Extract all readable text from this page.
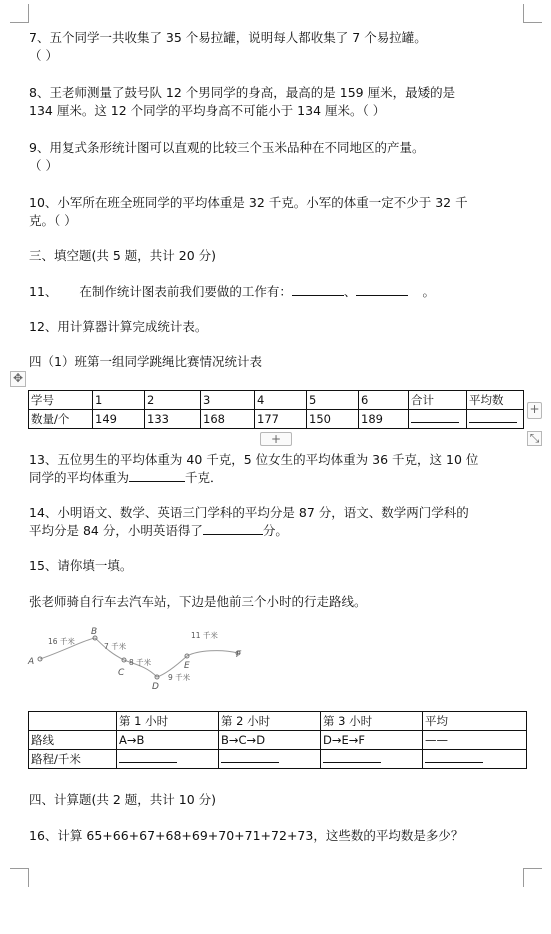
7、五个同学一共收集了 35 个易拉罐，说明每人都收集了 7 个易拉罐。
（ ）
8、王老师测量了鼓号队 12 个男同学的身高，最高的是 159 厘米，最矮的是
134 厘米。这 12 个同学的平均身高不可能小于 134 厘米。（ ）
9、用复式条形统计图可以直观的比较三个玉米品种在不同地区的产量。
（ ）
10、小军所在班全班同学的平均体重是 32 千克。小军的体重一定不少于 32 千
克。（ ）
三、填空题(共 5 题，共计 20 分)
11、 在制作统计图表前我们要做的工作有：	、	。
12、用计算器计算完成统计表。
四（1）班第一组同学跳绳比赛情况统计表
✥
学号	1	2	3	4	5	6	合计	平均数
数量/个	149	133	168	177	150	189		
+
+	⤡
13、五位男生的平均体重为 40 千克，5 位女生的平均体重为 36 千克，这 10 位
同学的平均体重为	千克．
14、小明语文、数学、英语三门学科的平均分是 87 分，语文、数学两门学科的
平均分是 84 分，小明英语得了	分。
15、请你填一填。
张老师骑自行车去汽车站，下边是他前三个小时的行走路线。
A
B
C
D
E
F
16 千米
7 千米
8 千米
9 千米
11 千米
	第 1 小时	第 2 小时	第 3 小时	平均
路线	A→B	B→C→D	D→E→F	——
路程/千米				
四、计算题(共 2 题，共计 10 分)
16、计算 65+66+67+68+69+70+71+72+73，这些数的平均数是多少？
